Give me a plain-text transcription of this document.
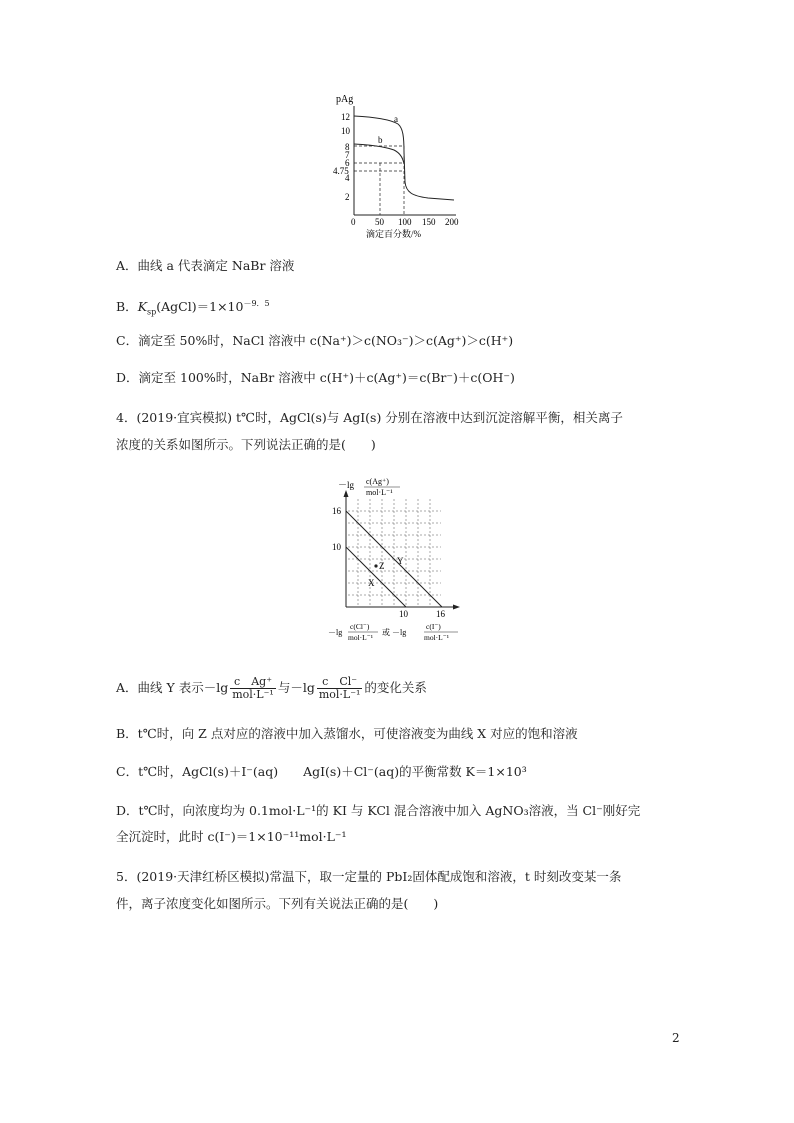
pAg
12
10
8
7
6
4.75
4
2
a
b
0 50 100 150 200
滴定百分数/%
A．曲线 a 代表滴定 NaBr 溶液
B．$K_{sp}(AgCl)=1\times 10^{-9.5}$
C．滴定至 50%时，NaCl 溶液中 c(Na⁺)＞c(NO₃⁻)＞c(Ag⁺)＞c(H⁺)
D．滴定至 100%时，NaBr 溶液中 c(H⁺)＋c(Ag⁺)＝c(Br⁻)＋c(OH⁻)
4．(2019·宜宾模拟) t℃时，AgCl(s)与 AgI(s) 分别在溶液中达到沉淀溶解平衡，相关离子
浓度的关系如图所示。下列说法正确的是(　　)
－lg c(Ag⁺)
mol·L⁻¹
16
10
Y
Z
X
10	16
－lg
c(Cl⁻)
mol·L⁻¹
或 －lg
c(I⁻)
mol·L⁻¹
A．曲线 Y 表示$-\lg \frac{\text{c　Ag⁺}}{\text{mol·L⁻¹}}$ 与$-\lg \frac{\text{c　Cl⁻}}{\text{mol·L⁻¹}}$ 的变化关系
B．t℃时，向 Z 点对应的溶液中加入蒸馏水，可使溶液变为曲线 X 对应的饱和溶液
C．t℃时，AgCl(s)＋I⁻(aq)　　AgI(s)＋Cl⁻(aq)的平衡常数 K＝1×10³
D．t℃时，向浓度均为 0.1mol·L⁻¹的 KI 与 KCl 混合溶液中加入 AgNO₃溶液，当 Cl⁻刚好完
全沉淀时，此时 c(I⁻)＝1×10⁻¹¹mol·L⁻¹
5．(2019·天津红桥区模拟)常温下，取一定量的 PbI₂固体配成饱和溶液，t 时刻改变某一条
件，离子浓度变化如图所示。下列有关说法正确的是(　　)
2
